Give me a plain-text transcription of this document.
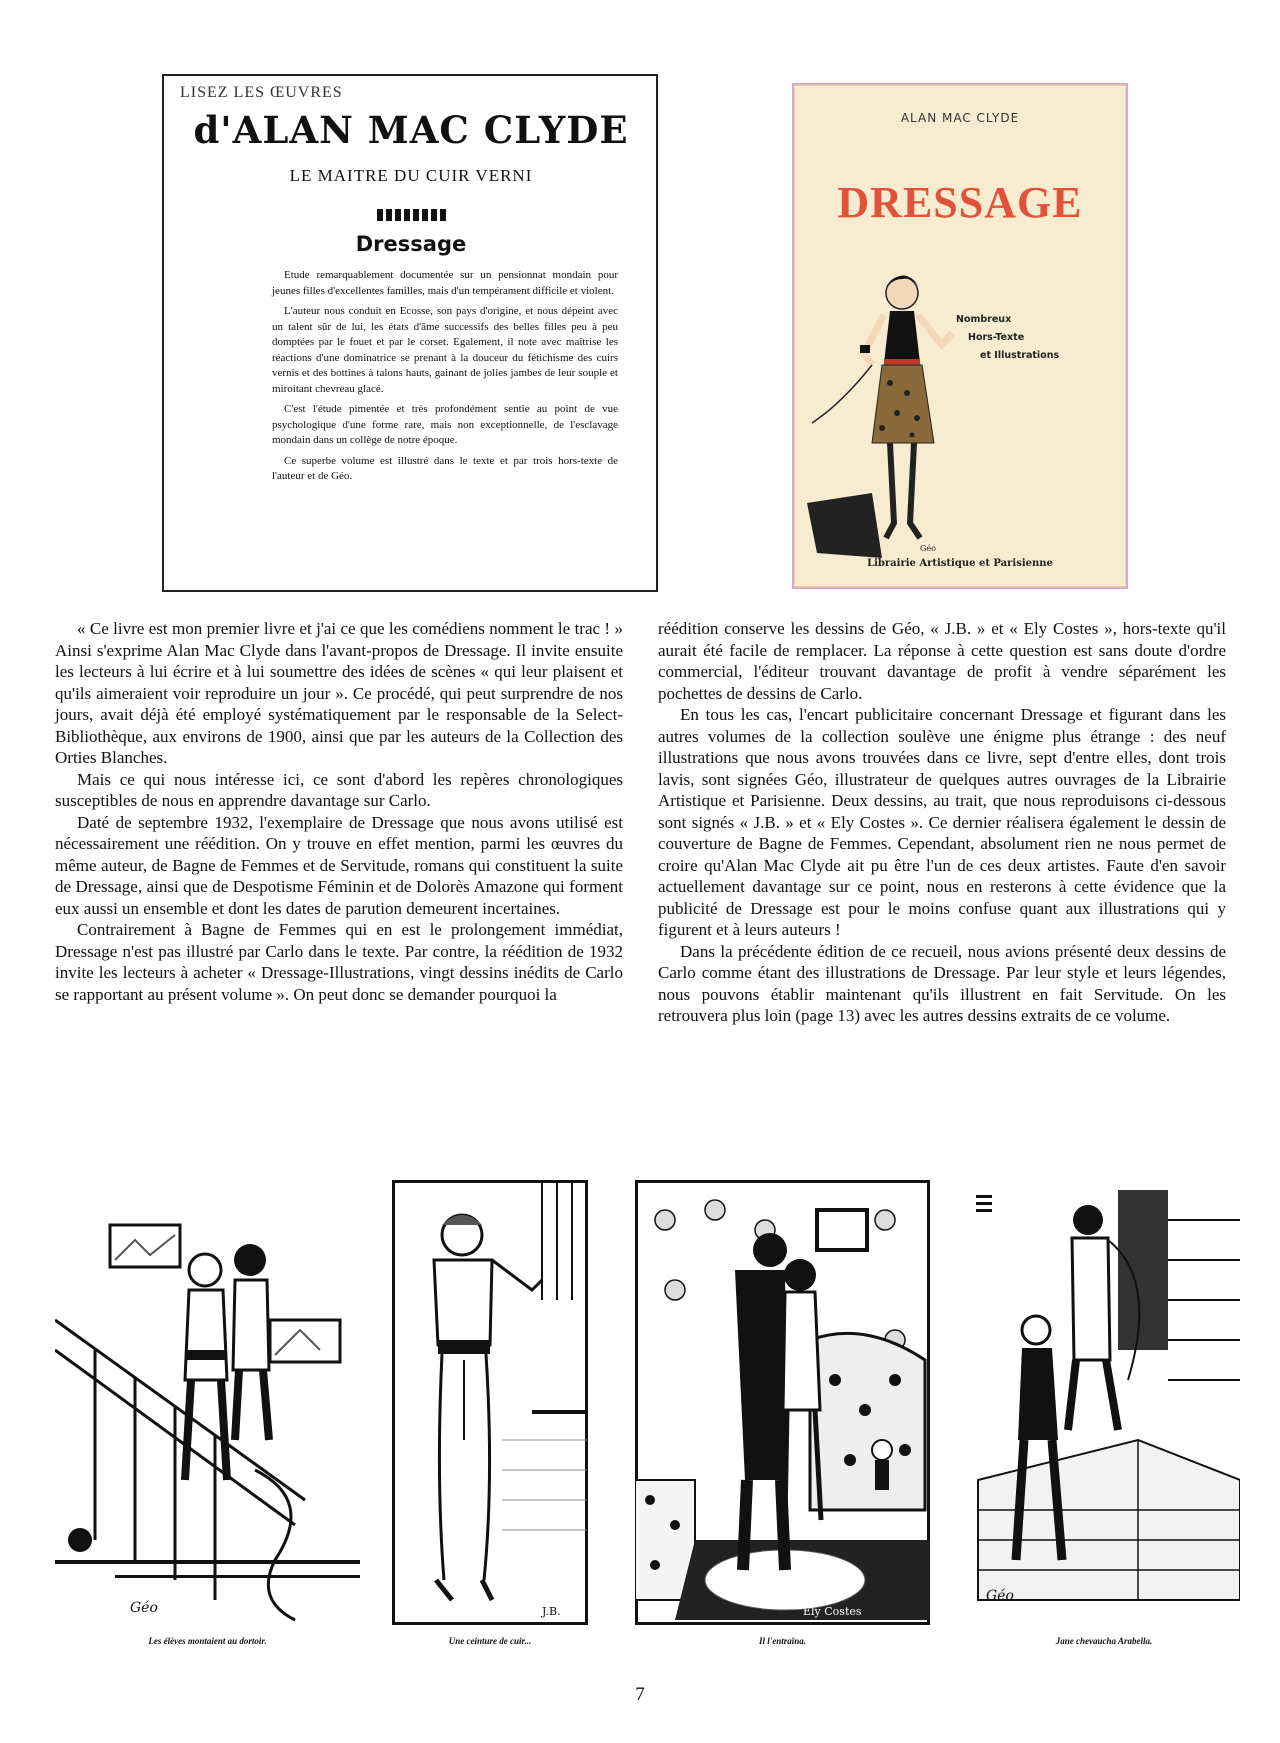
LISEZ LES ŒUVRES
d'ALAN MAC CLYDE
LE MAITRE DU CUIR VERNI
Dressage

Etude remarquablement documentée sur un pensionnat mondain pour jeunes filles d'excellentes familles, mais d'un tempérament difficile et violent.

L'auteur nous conduit en Ecosse, son pays d'origine, et nous dépeint avec un talent sûr de lui, les états d'âme successifs des belles filles peu à peu domptées par le fouet et par le corset. Egalement, il note avec maîtrise les réactions d'une dominatrice se prenant à la douceur du fétichisme des cuirs vernis et des bottines à talons hauts, gainant de jolies jambes de leur souple et miroitant chevreau glacé.

C'est l'étude pimentée et très profondément sentie au point de vue psychologique d'une forme rare, mais non exceptionnelle, de l'esclavage mondain dans un collège de notre époque.

Ce superbe volume est illustré dans le texte et par trois hors-texte de l'auteur et de Géo.

ALAN MAC CLYDE
DRESSAGE
Géo
Nombreux
Hors-Texte
et Illustrations
Librairie Artistique et Parisienne

« Ce livre est mon premier livre et j'ai ce que les comédiens nomment le trac ! » Ainsi s'exprime Alan Mac Clyde dans l'avant-propos de Dressage. Il invite ensuite les lecteurs à lui écrire et à lui soumettre des idées de scènes « qui leur plaisent et qu'ils aimeraient voir reproduire un jour ». Ce procédé, qui peut surprendre de nos jours, avait déjà été employé systématiquement par le responsable de la Select-Bibliothèque, aux environs de 1900, ainsi que par les auteurs de la Collection des Orties Blanches.

Mais ce qui nous intéresse ici, ce sont d'abord les repères chronologiques susceptibles de nous en apprendre davantage sur Carlo.

Daté de septembre 1932, l'exemplaire de Dressage que nous avons utilisé est nécessairement une réédition. On y trouve en effet mention, parmi les œuvres du même auteur, de Bagne de Femmes et de Servitude, romans qui constituent la suite de Dressage, ainsi que de Despotisme Féminin et de Dolorès Amazone qui forment eux aussi un ensemble et dont les dates de parution demeurent incertaines.

Contrairement à Bagne de Femmes qui en est le prolongement immédiat, Dressage n'est pas illustré par Carlo dans le texte. Par contre, la réédition de 1932 invite les lecteurs à acheter « Dressage-Illustrations, vingt dessins inédits de Carlo se rapportant au présent volume ». On peut donc se demander pourquoi la

réédition conserve les dessins de Géo, « J.B. » et « Ely Costes », hors-texte qu'il aurait été facile de remplacer. La réponse à cette question est sans doute d'ordre commercial, l'éditeur trouvant davantage de profit à vendre séparément les pochettes de dessins de Carlo.

En tous les cas, l'encart publicitaire concernant Dressage et figurant dans les autres volumes de la collection soulève une énigme plus étrange : des neuf illustrations que nous avons trouvées dans ce livre, sept d'entre elles, dont trois lavis, sont signées Géo, illustrateur de quelques autres ouvrages de la Librairie Artistique et Parisienne. Deux dessins, au trait, que nous reproduisons ci-dessous sont signés « J.B. » et « Ely Costes ». Ce dernier réalisera également le dessin de couverture de Bagne de Femmes. Cependant, absolument rien ne nous permet de croire qu'Alan Mac Clyde ait pu être l'un de ces deux artistes. Faute d'en savoir actuellement davantage sur ce point, nous en resterons à cette évidence que la publicité de Dressage est pour le moins confuse quant aux illustrations qui y figurent et à leurs auteurs !

Dans la précédente édition de ce recueil, nous avions présenté deux dessins de Carlo comme étant des illustrations de Dressage. Par leur style et leurs légendes, nous pouvons établir maintenant qu'ils illustrent en fait Servitude. On les retrouvera plus loin (page 13) avec les autres dessins extraits de ce volume.

Géo
Les élèves montaient au dortoir.
J.B.
Une ceinture de cuir...
Ely Costes
Il l'entraîna.
Géo
Jane chevaucha Arabella.
7
